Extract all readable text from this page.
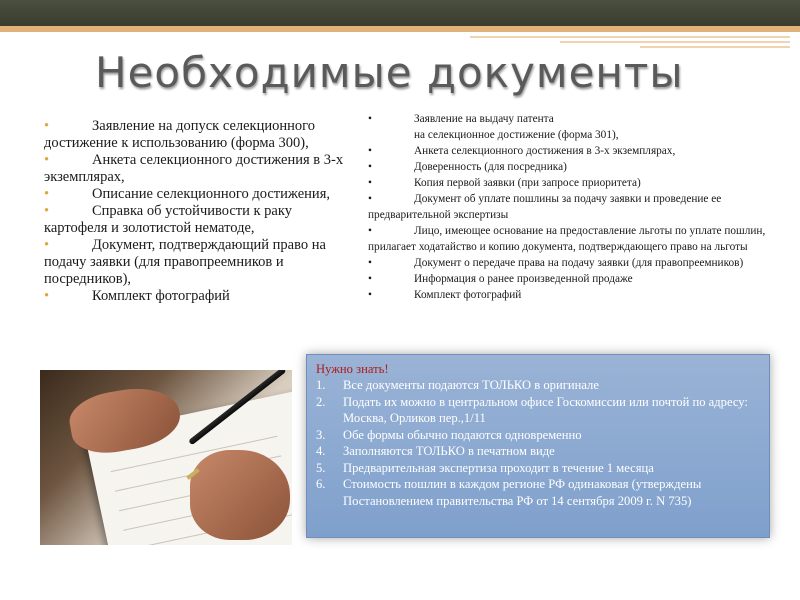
Необходимые документы
•	Заявление на допуск селекционного достижение к использованию (форма 300),
•	Анкета селекционного достижения в 3-х экземплярах,
•	Описание селекционного достижения,
•	Справка об устойчивости к раку картофеля и золотистой нематоде,
•	Документ, подтверждающий право на подачу заявки (для правопреемников и посредников),
•	Комплект фотографий
•	Заявление на выдачу патента
на селекционное достижение (форма 301),
•	Анкета селекционного достижения в 3-х экземплярах,
•	Доверенность (для посредника)
•	Копия первой заявки (при запросе приоритета)
•	Документ об уплате пошлины за подачу заявки и проведение ее предварительной экспертизы
•	Лицо, имеющее основание на предоставление льготы по уплате пошлин, прилагает ходатайство и копию документа, подтверждающего право на льготы
•	Документ о передаче права на подачу заявки (для правопреемников)
•	Информация о ранее произведенной продаже
•	Комплект фотографий
Нужно знать!
1. Все документы подаются ТОЛЬКО в оригинале
2. Подать их можно в центральном офисе Госкомиссии или почтой по адресу: Москва, Орликов пер.,1/11
3. Обе формы обычно подаются одновременно
4. Заполняются ТОЛЬКО в печатном виде
5. Предварительная экспертиза проходит в течение 1 месяца
6. Стоимость пошлин в каждом регионе РФ одинаковая (утверждены Постановлением правительства РФ от 14 сентября 2009 г. N 735)
